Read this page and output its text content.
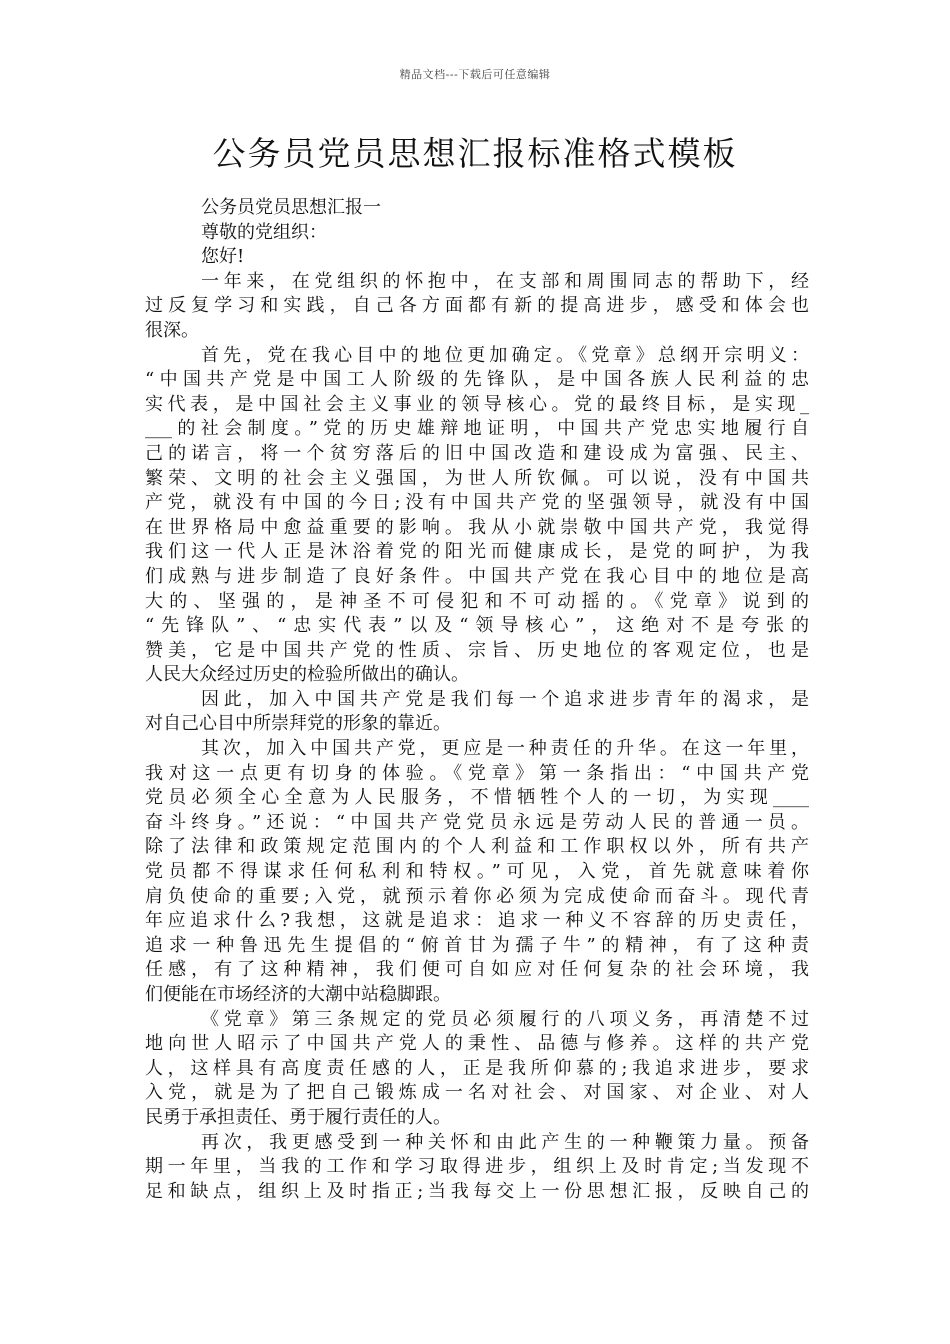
精品文档---下载后可任意编辑
公务员党员思想汇报标准格式模板
公务员党员思想汇报一
尊敬的党组织：
您好!
一年来，在党组织的怀抱中，在支部和周围同志的帮助下，经
过反复学习和实践，自己各方面都有新的提高进步，感受和体会也
很深。
首先，党在我心目中的地位更加确定。《党章》总纲开宗明义：
“中国共产党是中国工人阶级的先锋队，是中国各族人民利益的忠
实代表，是中国社会主义事业的领导核心。党的最终目标，是实现_
___的社会制度。”党的历史雄辩地证明，中国共产党忠实地履行自
己的诺言，将一个贫穷落后的旧中国改造和建设成为富强、民主、
繁荣、文明的社会主义强国，为世人所钦佩。可以说，没有中国共
产党，就没有中国的今日;没有中国共产党的坚强领导，就没有中国
在世界格局中愈益重要的影响。我从小就崇敬中国共产党，我觉得
我们这一代人正是沐浴着党的阳光而健康成长，是党的呵护，为我
们成熟与进步制造了良好条件。中国共产党在我心目中的地位是高
大的、坚强的，是神圣不可侵犯和不可动摇的。《党章》说到的
“先锋队”、“忠实代表”以及“领导核心”，这绝对不是夸张的
赞美，它是中国共产党的性质、宗旨、历史地位的客观定位，也是
人民大众经过历史的检验所做出的确认。
因此，加入中国共产党是我们每一个追求进步青年的渴求，是
对自己心目中所崇拜党的形象的靠近。
其次，加入中国共产党，更应是一种责任的升华。在这一年里，
我对这一点更有切身的体验。《党章》第一条指出：“中国共产党
党员必须全心全意为人民服务，不惜牺牲个人的一切，为实现____
奋斗终身。”还说：“中国共产党党员永远是劳动人民的普通一员。
除了法律和政策规定范围内的个人利益和工作职权以外，所有共产
党员都不得谋求任何私利和特权。”可见，入党，首先就意味着你
肩负使命的重要;入党，就预示着你必须为完成使命而奋斗。现代青
年应追求什么?我想，这就是追求：追求一种义不容辞的历史责任，
追求一种鲁迅先生提倡的“俯首甘为孺子牛”的精神，有了这种责
任感，有了这种精神，我们便可自如应对任何复杂的社会环境，我
们便能在市场经济的大潮中站稳脚跟。
《党章》第三条规定的党员必须履行的八项义务，再清楚不过
地向世人昭示了中国共产党人的秉性、品德与修养。这样的共产党
人，这样具有高度责任感的人，正是我所仰慕的;我追求进步，要求
入党，就是为了把自己锻炼成一名对社会、对国家、对企业、对人
民勇于承担责任、勇于履行责任的人。
再次，我更感受到一种关怀和由此产生的一种鞭策力量。预备
期一年里，当我的工作和学习取得进步，组织上及时肯定;当发现不
足和缺点，组织上及时指正;当我每交上一份思想汇报，反映自己的
